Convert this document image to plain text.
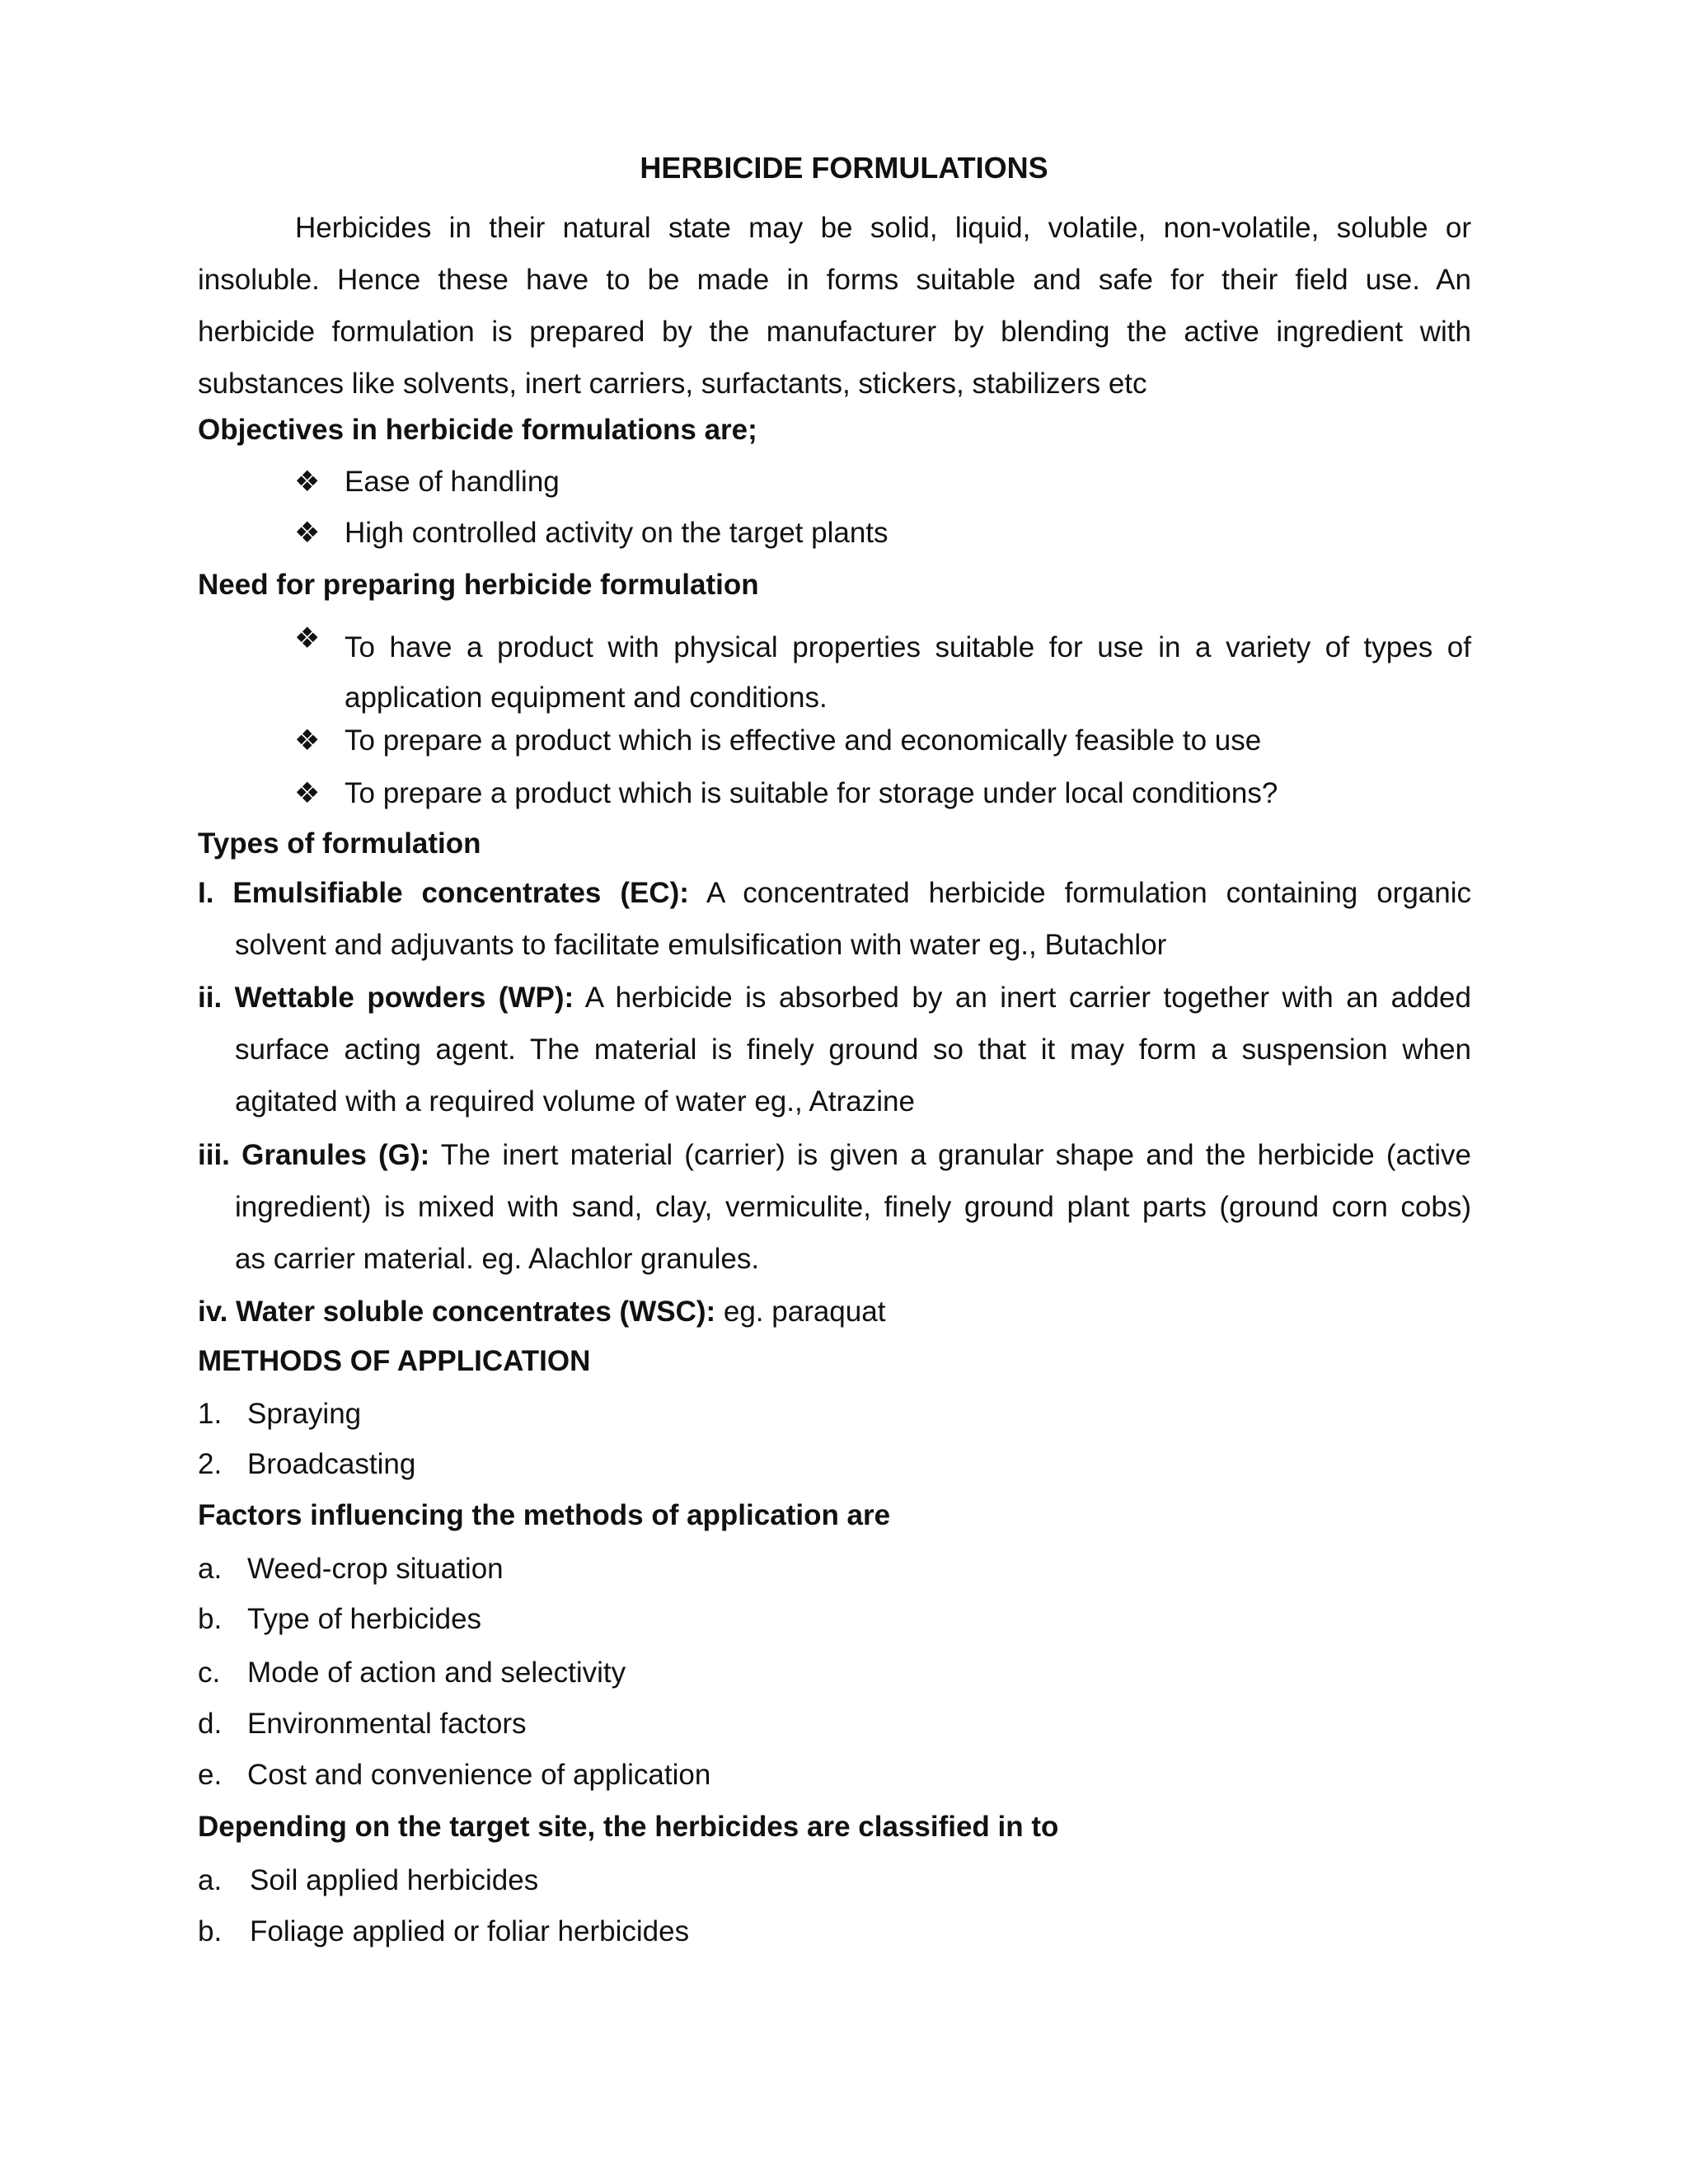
HERBICIDE FORMULATIONS
Herbicides in their natural state may be solid, liquid, volatile, non-volatile, soluble or
insoluble. Hence these have to be made in forms suitable and safe for their field use. An
herbicide formulation is prepared by the manufacturer by blending the active ingredient with
substances like solvents, inert carriers, surfactants, stickers, stabilizers etc
Objectives in herbicide formulations are;
❖ Ease of handling
❖ High controlled activity on the target plants
Need for preparing herbicide formulation
❖ To have a product with physical properties suitable for use in a variety of types of
application equipment and conditions.
❖ To prepare a product which is effective and economically feasible to use
❖ To prepare a product which is suitable for storage under local conditions?
Types of formulation
I. Emulsifiable concentrates (EC): A concentrated herbicide formulation containing organic
solvent and adjuvants to facilitate emulsification with water eg., Butachlor
ii. Wettable powders (WP): A herbicide is absorbed by an inert carrier together with an added
surface acting agent. The material is finely ground so that it may form a suspension when
agitated with a required volume of water eg., Atrazine
iii. Granules (G): The inert material (carrier) is given a granular shape and the herbicide (active
ingredient) is mixed with sand, clay, vermiculite, finely ground plant parts (ground corn cobs)
as carrier material. eg. Alachlor granules.
iv. Water soluble concentrates (WSC): eg. paraquat
METHODS OF APPLICATION
1. Spraying
2. Broadcasting
Factors influencing the methods of application are
a. Weed-crop situation
b. Type of herbicides
c. Mode of action and selectivity
d. Environmental factors
e. Cost and convenience of application
Depending on the target site, the herbicides are classified in to
a. Soil applied herbicides
b. Foliage applied or foliar herbicides
